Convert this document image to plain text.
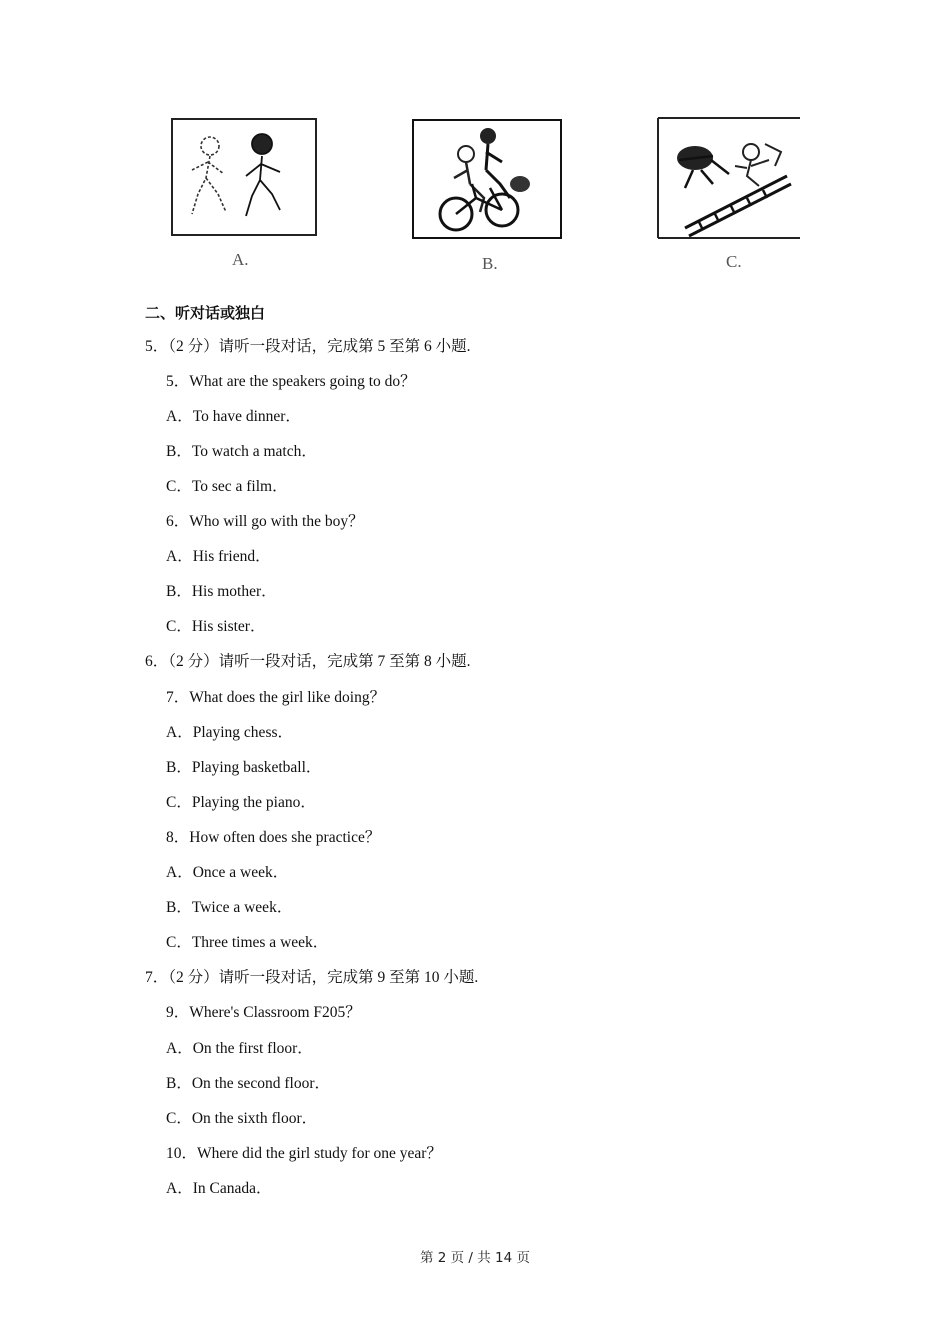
A.	B.	C.
二、听对话或独白
5．（2 分）请听一段对话，完成第 5 至第 6 小题.
5．What are the speakers going to do？
A．To have dinner．
B．To watch a match．
C．To sec a film．
6．Who will go with the boy？
A．His friend．
B．His mother．
C．His sister．
6．（2 分）请听一段对话，完成第 7 至第 8 小题.
7．What does the girl like doing？
A．Playing chess．
B．Playing basketball．
C．Playing the piano．
8．How often does she practice？
A．Once a week．
B．Twice a week．
C．Three times a week．
7．（2 分）请听一段对话，完成第 9 至第 10 小题.
9．Where's Classroom F205？
A．On the first floor．
B．On the second floor．
C．On the sixth floor．
10．Where did the girl study for one year？
A．In Canada．
第 2 页 / 共 14 页
